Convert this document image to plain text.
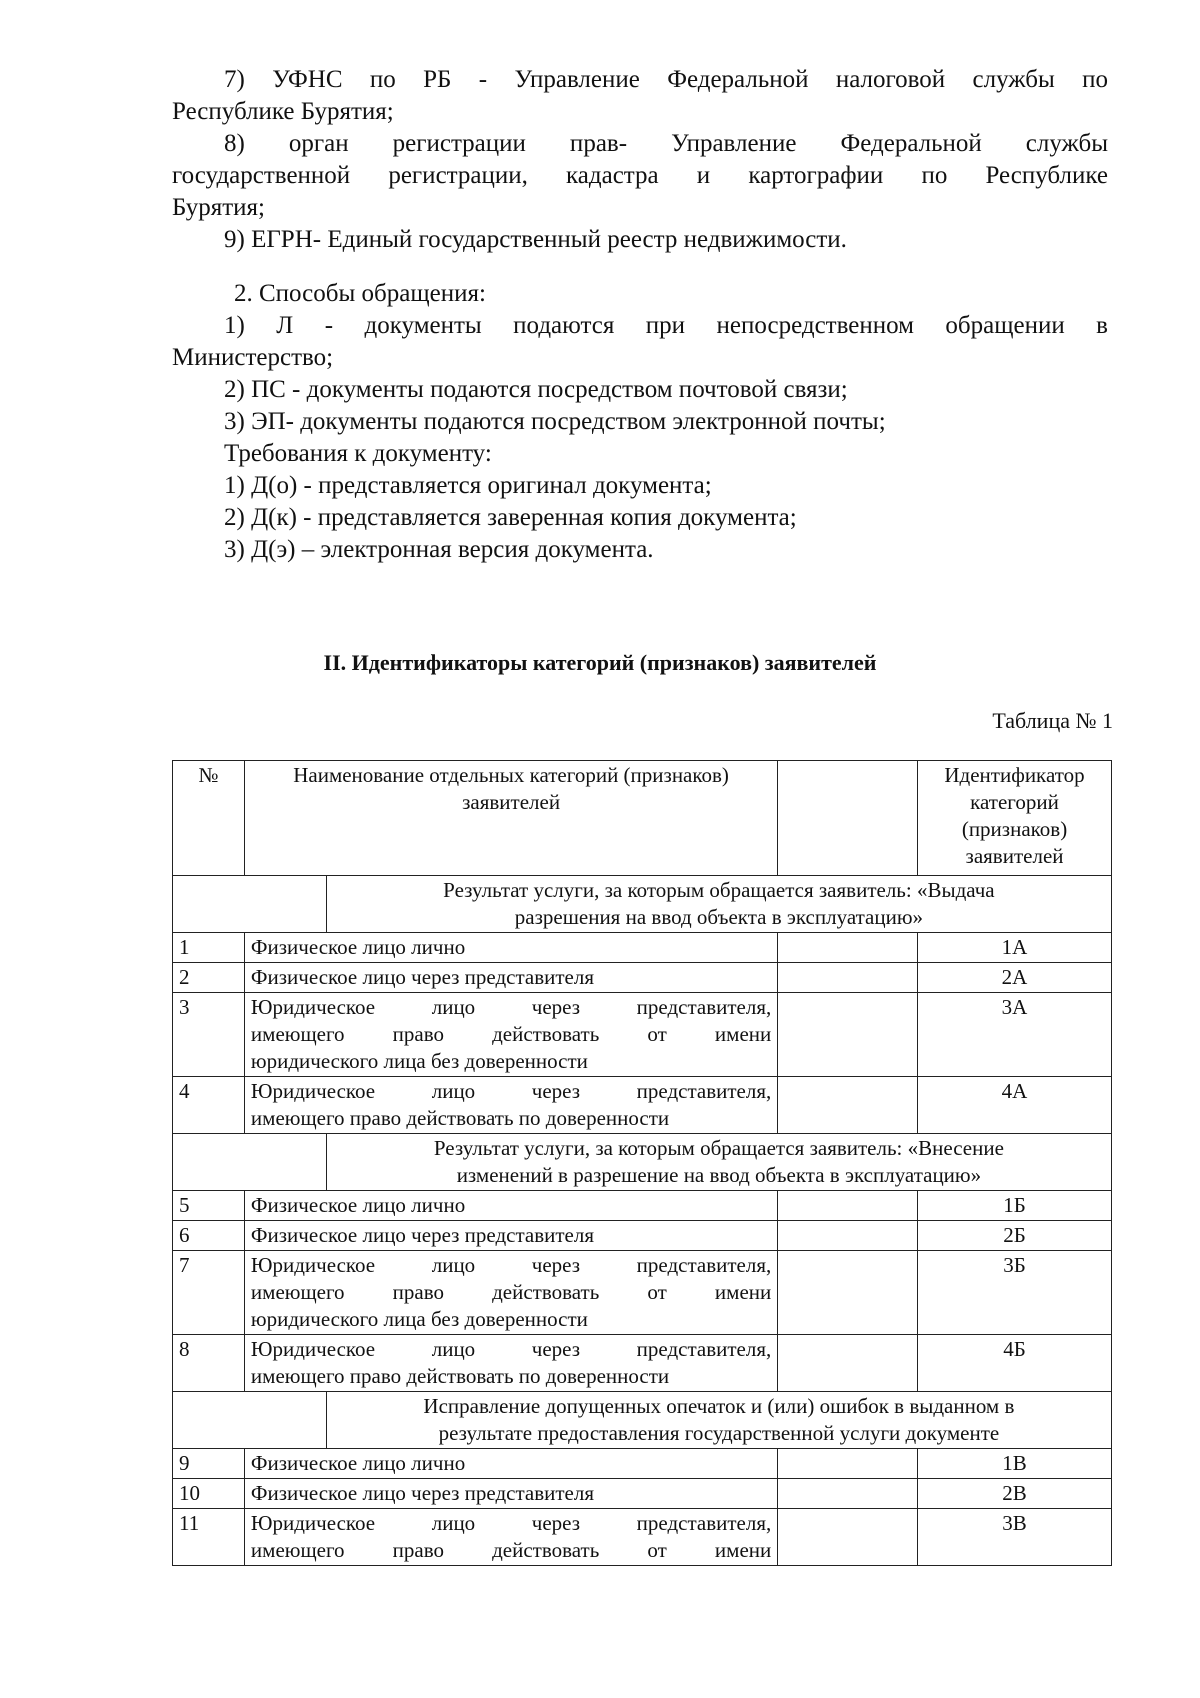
7) УФНС по РБ - Управление Федеральной налоговой службы по
Республике Бурятия;
8) орган регистрации прав- Управление Федеральной службы
государственной регистрации, кадастра и картографии по Республике
Бурятия;
9) ЕГРН- Единый государственный реестр недвижимости.
2. Способы обращения:
1) Л - документы подаются при непосредственном обращении в
Министерство;
2) ПС - документы подаются посредством почтовой связи;
3) ЭП- документы подаются посредством электронной почты;
Требования к документу:
1) Д(о) - представляется оригинал документа;
2) Д(к) - представляется заверенная копия документа;
3) Д(э) – электронная версия документа.
II. Идентификаторы категорий (признаков) заявителей
Таблица № 1
№	Наименование отдельных категорий (признаков) заявителей			Идентификатор
категорий
(признаков)
заявителей

		Результат услуги, за которым обращается заявитель: «Выдача
разрешения на ввод объекта в эксплуатацию»		

1	Физическое лицо лично			1А
2	Физическое лицо через представителя			2А
3	Юридическое лицо через представителя,
имеющего право действовать от имени
юридического лица без доверенности			3А
4	Юридическое лицо через представителя,
имеющего право действовать по доверенности			4А

		Результат услуги, за которым обращается заявитель: «Внесение
изменений в разрешение на ввод объекта в эксплуатацию»		

5	Физическое лицо лично			1Б
6	Физическое лицо через представителя			2Б
7	Юридическое лицо через представителя,
имеющего право действовать от имени
юридического лица без доверенности			3Б
8	Юридическое лицо через представителя,
имеющего право действовать по доверенности			4Б

		Исправление допущенных опечаток и (или) ошибок в выданном в
результате предоставления государственной услуги документе		

9	Физическое лицо лично			1В
10	Физическое лицо через представителя			2В
11	Юридическое лицо через представителя,
имеющего право действовать от имени			3В
